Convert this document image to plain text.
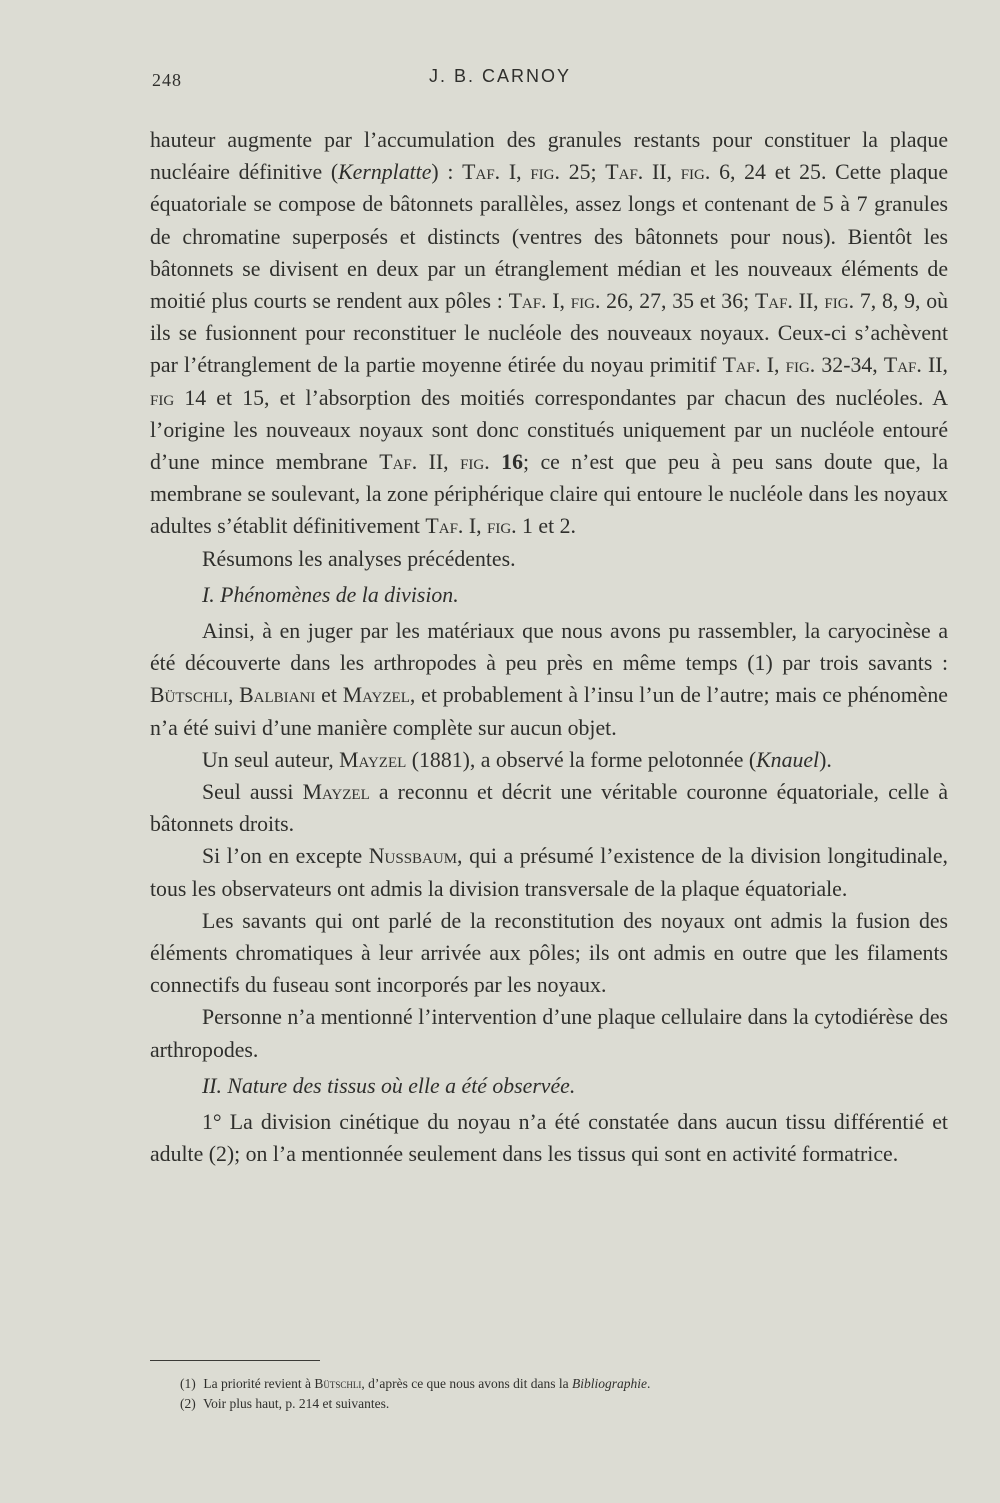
248	J. B. CARNOY

hauteur augmente par l’accumulation des granules restants pour constituer la plaque nucléaire définitive (Kernplatte) : Taf. I, fig. 25; Taf. II, fig. 6, 24 et 25. Cette plaque équatoriale se compose de bâtonnets parallèles, assez longs et contenant de 5 à 7 granules de chromatine superposés et distincts (ventres des bâtonnets pour nous). Bientôt les bâtonnets se divisent en deux par un étranglement médian et les nouveaux éléments de moitié plus courts se rendent aux pôles : Taf. I, fig. 26, 27, 35 et 36; Taf. II, fig. 7, 8, 9, où ils se fusionnent pour reconstituer le nucléole des nouveaux noyaux. Ceux-ci s’achèvent par l’étranglement de la partie moyenne étirée du noyau primitif Taf. I, fig. 32-34, Taf. II, fig 14 et 15, et l’absorption des moitiés correspondantes par chacun des nucléoles. A l’origine les nouveaux noyaux sont donc constitués uniquement par un nucléole entouré d’une mince membrane Taf. II, fig. 16; ce n’est que peu à peu sans doute que, la membrane se soulevant, la zone périphérique claire qui entoure le nucléole dans les noyaux adultes s’établit définitivement Taf. I, fig. 1 et 2.

Résumons les analyses précédentes.

I. Phénomènes de la division.

Ainsi, à en juger par les matériaux que nous avons pu rassembler, la caryocinèse a été découverte dans les arthropodes à peu près en même temps (1) par trois savants : Bütschli, Balbiani et Mayzel, et probablement à l’insu l’un de l’autre; mais ce phénomène n’a été suivi d’une manière complète sur aucun objet.

Un seul auteur, Mayzel (1881), a observé la forme pelotonnée (Knauel).

Seul aussi Mayzel a reconnu et décrit une véritable couronne équatoriale, celle à bâtonnets droits.

Si l’on en excepte Nussbaum, qui a présumé l’existence de la division longitudinale, tous les observateurs ont admis la division transversale de la plaque équatoriale.

Les savants qui ont parlé de la reconstitution des noyaux ont admis la fusion des éléments chromatiques à leur arrivée aux pôles; ils ont admis en outre que les filaments connectifs du fuseau sont incorporés par les noyaux.

Personne n’a mentionné l’intervention d’une plaque cellulaire dans la cytodiérèse des arthropodes.

II. Nature des tissus où elle a été observée.

1° La division cinétique du noyau n’a été constatée dans aucun tissu différentié et adulte (2); on l’a mentionnée seulement dans les tissus qui sont en activité formatrice.

(1) La priorité revient à Bütschli, d’après ce que nous avons dit dans la Bibliographie.

(2) Voir plus haut, p. 214 et suivantes.
